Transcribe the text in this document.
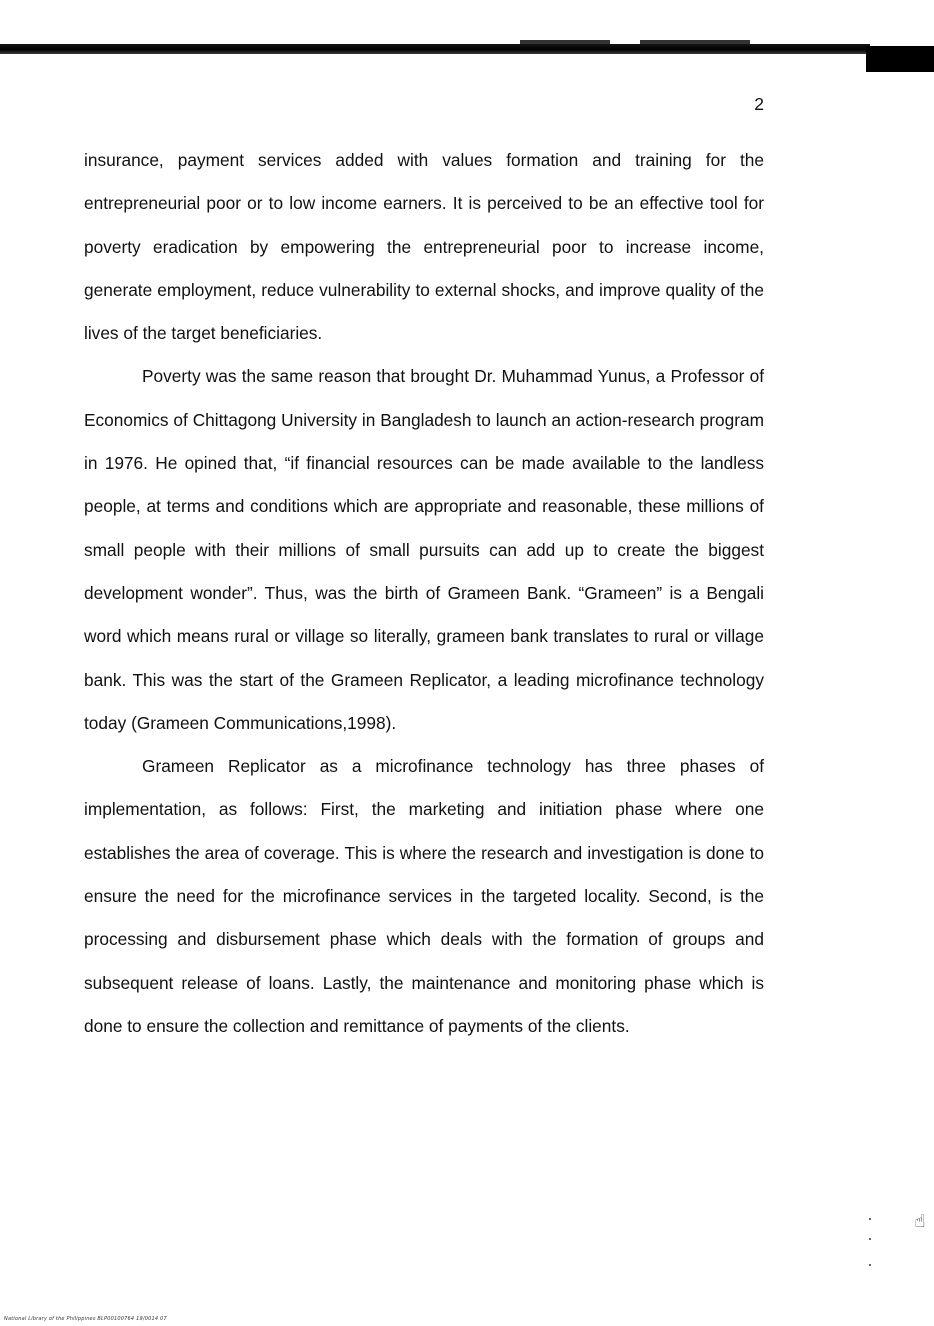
2

insurance, payment services added with values formation and training for the entrepreneurial poor or to low income earners. It is perceived to be an effective tool for poverty eradication by empowering the entrepreneurial poor to increase income, generate employment, reduce vulnerability to external shocks, and improve quality of the lives of the target beneficiaries.

Poverty was the same reason that brought Dr. Muhammad Yunus, a Professor of Economics of Chittagong University in Bangladesh to launch an action-research program in 1976. He opined that, “if financial resources can be made available to the landless people, at terms and conditions which are appropriate and reasonable, these millions of small people with their millions of small pursuits can add up to create the biggest development wonder”. Thus, was the birth of Grameen Bank. “Grameen” is a Bengali word which means rural or village so literally, grameen bank translates to rural or village bank. This was the start of the Grameen Replicator, a leading microfinance technology today (Grameen Communications,1998).

Grameen Replicator as a microfinance technology has three phases of implementation, as follows: First, the marketing and initiation phase where one establishes the area of coverage. This is where the research and investigation is done to ensure the need for the microfinance services in the targeted locality. Second, is the processing and disbursement phase which deals with the formation of groups and subsequent release of loans. Lastly, the maintenance and monitoring phase which is done to ensure the collection and remittance of payments of the clients.

☝
National Library of the Philippines BLP00100764 19/0014 07
